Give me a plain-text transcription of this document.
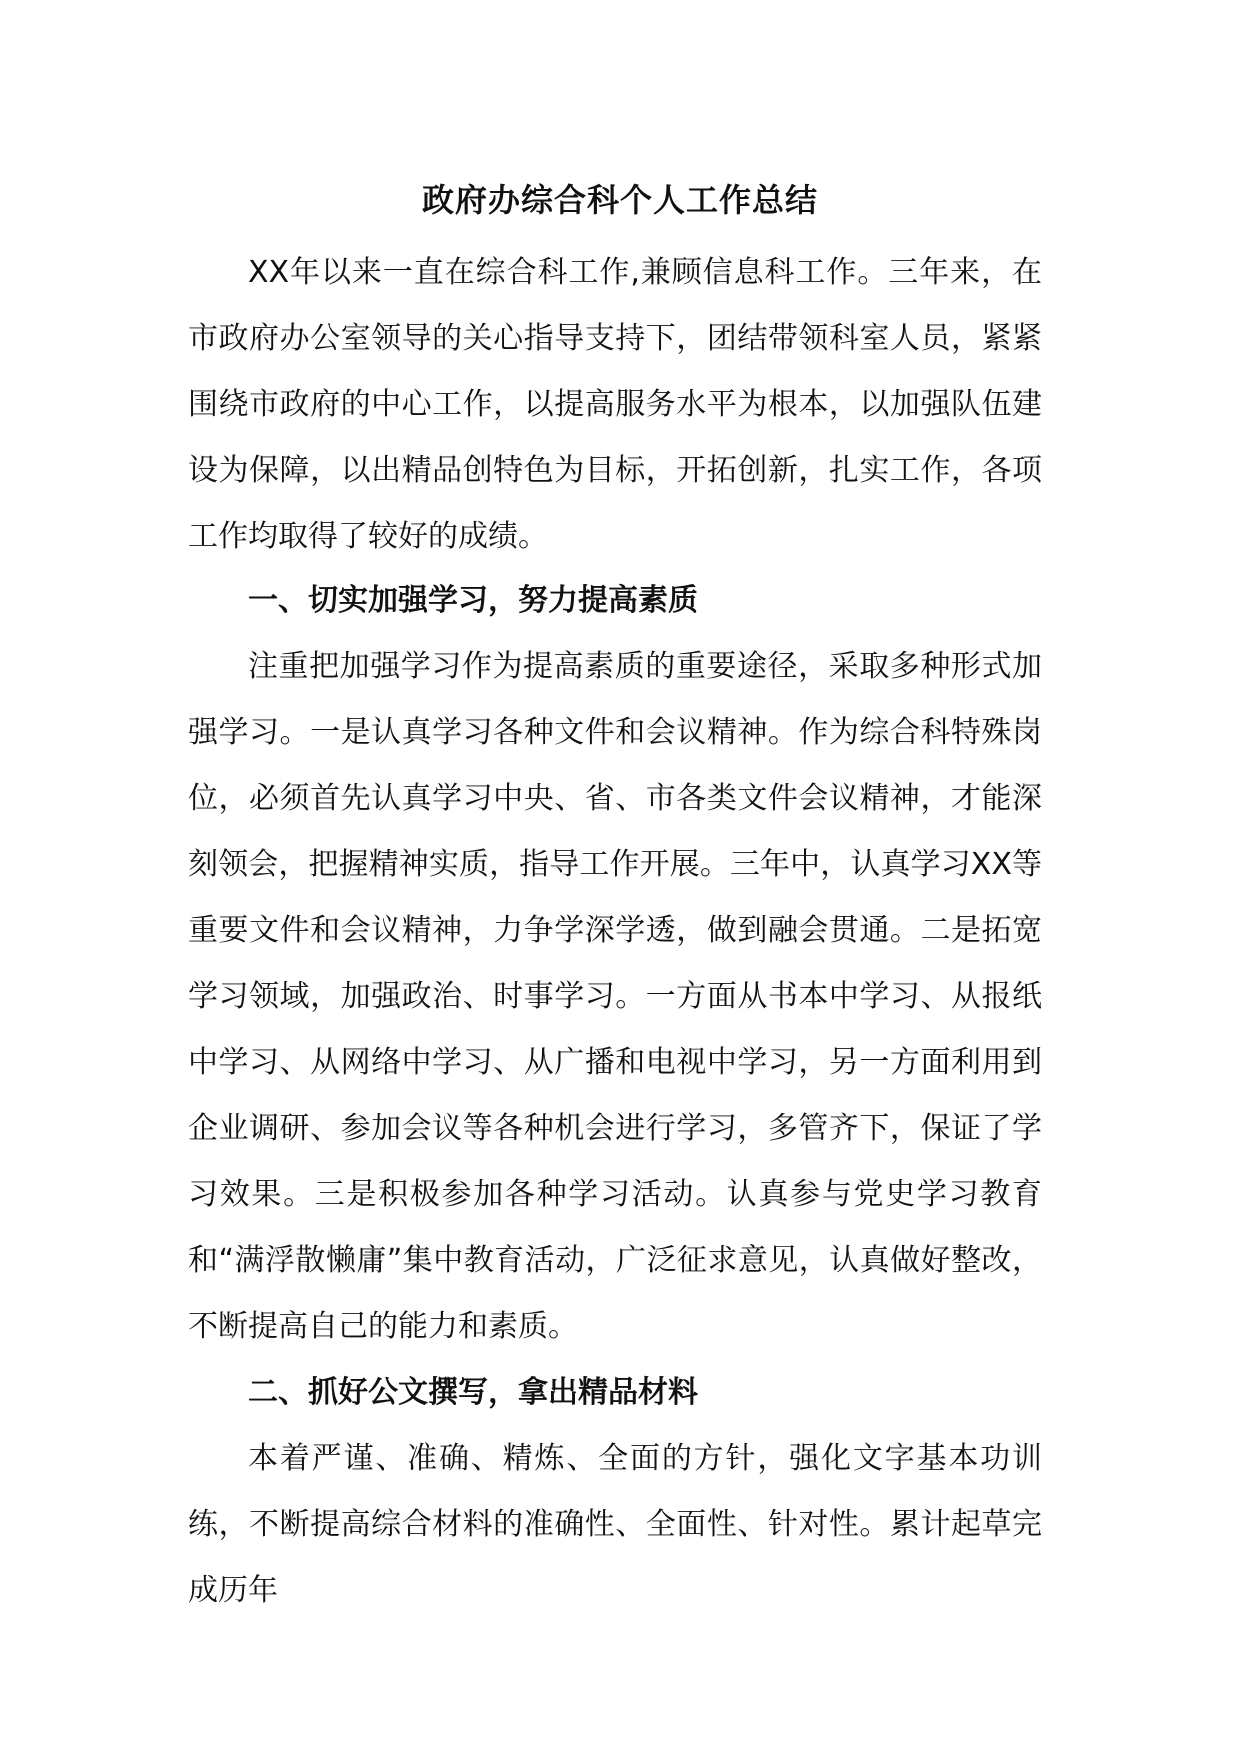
政府办综合科个人工作总结

XX年以来一直在综合科工作,兼顾信息科工作。三年来，在市政府办公室领导的关心指导支持下，团结带领科室人员，紧紧围绕市政府的中心工作，以提高服务水平为根本，以加强队伍建设为保障，以出精品创特色为目标，开拓创新，扎实工作，各项工作均取得了较好的成绩。

一、切实加强学习，努力提高素质

注重把加强学习作为提高素质的重要途径，采取多种形式加强学习。一是认真学习各种文件和会议精神。作为综合科特殊岗位，必须首先认真学习中央、省、市各类文件会议精神，才能深刻领会，把握精神实质，指导工作开展。三年中，认真学习XX等重要文件和会议精神，力争学深学透，做到融会贯通。二是拓宽学习领域，加强政治、时事学习。一方面从书本中学习、从报纸中学习、从网络中学习、从广播和电视中学习，另一方面利用到企业调研、参加会议等各种机会进行学习，多管齐下，保证了学习效果。三是积极参加各种学习活动。认真参与党史学习教育和“满浮散懒庸”集中教育活动，广泛征求意见，认真做好整改，不断提高自己的能力和素质。

二、抓好公文撰写，拿出精品材料

本着严谨、准确、精炼、全面的方针，强化文字基本功训练，不断提高综合材料的准确性、全面性、针对性。累计起草完成历年
